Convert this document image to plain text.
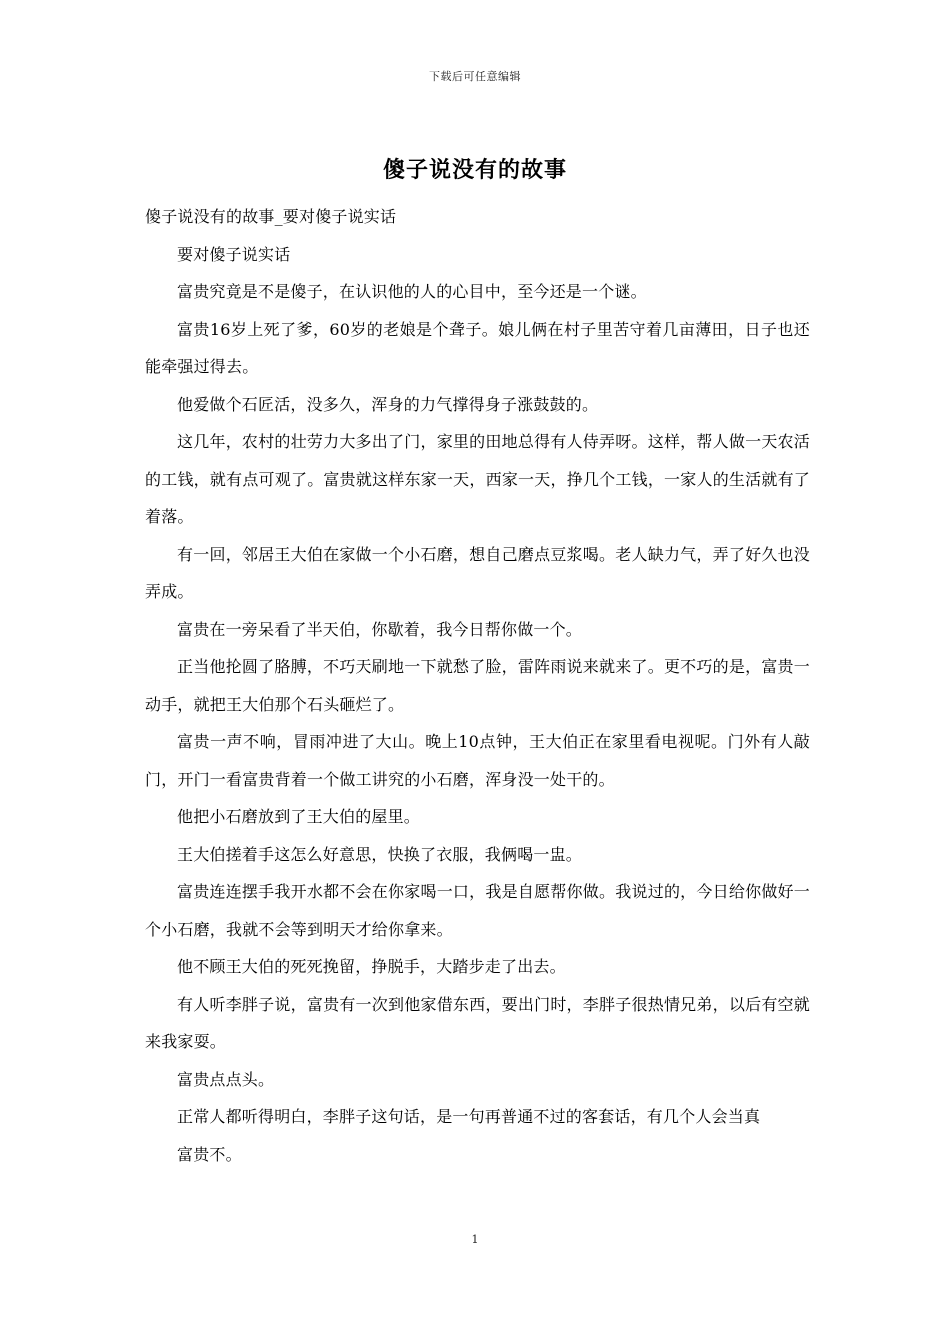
下载后可任意编辑
傻子说没有的故事

傻子说没有的故事_要对傻子说实话

要对傻子说实话

富贵究竟是不是傻子，在认识他的人的心目中，至今还是一个谜。

富贵16岁上死了爹，60岁的老娘是个聋子。娘儿俩在村子里苦守着几亩薄田，日子也还能牵强过得去。

他爱做个石匠活，没多久，浑身的力气撑得身子涨鼓鼓的。

这几年，农村的壮劳力大多出了门，家里的田地总得有人侍弄呀。这样，帮人做一天农活的工钱，就有点可观了。富贵就这样东家一天，西家一天，挣几个工钱，一家人的生活就有了着落。

有一回，邻居王大伯在家做一个小石磨，想自己磨点豆浆喝。老人缺力气，弄了好久也没弄成。

富贵在一旁呆看了半天伯，你歇着，我今日帮你做一个。

正当他抡圆了胳膊，不巧天刷地一下就愁了脸，雷阵雨说来就来了。更不巧的是，富贵一动手，就把王大伯那个石头砸烂了。

富贵一声不响，冒雨冲进了大山。晚上10点钟，王大伯正在家里看电视呢。门外有人敲门，开门一看富贵背着一个做工讲究的小石磨，浑身没一处干的。

他把小石磨放到了王大伯的屋里。

王大伯搓着手这怎么好意思，快换了衣服，我俩喝一盅。

富贵连连摆手我开水都不会在你家喝一口，我是自愿帮你做。我说过的，今日给你做好一个小石磨，我就不会等到明天才给你拿来。

他不顾王大伯的死死挽留，挣脱手，大踏步走了出去。

有人听李胖子说，富贵有一次到他家借东西，要出门时，李胖子很热情兄弟，以后有空就来我家耍。

富贵点点头。

正常人都听得明白，李胖子这句话，是一句再普通不过的客套话，有几个人会当真

富贵不。

1
